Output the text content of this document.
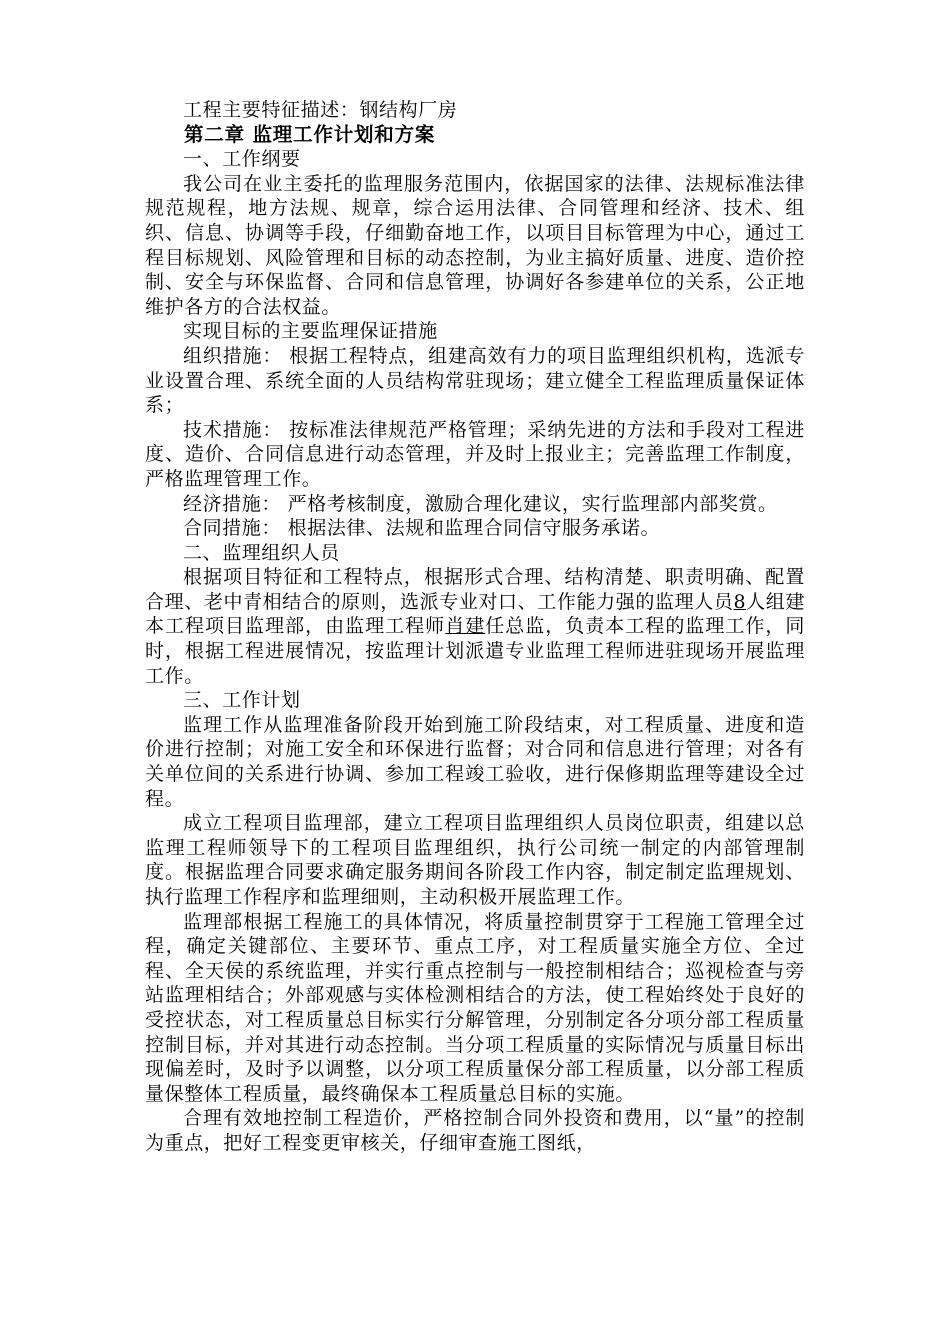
工程主要特征描述：钢结构厂房

第二章 监理工作计划和方案

一、工作纲要

我公司在业主委托的监理服务范围内，依据国家的法律、法规标准法律规范规程，地方法规、规章，综合运用法律、合同管理和经济、技术、组织、信息、协调等手段，仔细勤奋地工作，以项目目标管理为中心，通过工程目标规划、风险管理和目标的动态控制，为业主搞好质量、进度、造价控制、安全与环保监督、合同和信息管理，协调好各参建单位的关系，公正地维护各方的合法权益。

实现目标的主要监理保证措施

组织措施： 根据工程特点，组建高效有力的项目监理组织机构，选派专业设置合理、系统全面的人员结构常驻现场；建立健全工程监理质量保证体系；

技术措施： 按标准法律规范严格管理；采纳先进的方法和手段对工程进度、造价、合同信息进行动态管理，并及时上报业主；完善监理工作制度，严格监理管理工作。

经济措施： 严格考核制度，激励合理化建议，实行监理部内部奖赏。

合同措施： 根据法律、法规和监理合同信守服务承诺。

二、监理组织人员

根据项目特征和工程特点，根据形式合理、结构清楚、职责明确、配置合理、老中青相结合的原则，选派专业对口、工作能力强的监理人员8人组建本工程项目监理部，由监理工程师肖建任总监，负责本工程的监理工作，同时，根据工程进展情况，按监理计划派遣专业监理工程师进驻现场开展监理工作。

三、工作计划

监理工作从监理准备阶段开始到施工阶段结束，对工程质量、进度和造价进行控制；对施工安全和环保进行监督；对合同和信息进行管理；对各有关单位间的关系进行协调、参加工程竣工验收，进行保修期监理等建设全过程。

成立工程项目监理部，建立工程项目监理组织人员岗位职责，组建以总监理工程师领导下的工程项目监理组织，执行公司统一制定的内部管理制度。根据监理合同要求确定服务期间各阶段工作内容，制定制定监理规划、执行监理工作程序和监理细则，主动积极开展监理工作。

监理部根据工程施工的具体情况，将质量控制贯穿于工程施工管理全过程，确定关键部位、主要环节、重点工序，对工程质量实施全方位、全过程、全天侯的系统监理，并实行重点控制与一般控制相结合；巡视检查与旁站监理相结合；外部观感与实体检测相结合的方法，使工程始终处于良好的受控状态，对工程质量总目标实行分解管理，分别制定各分项分部工程质量控制目标，并对其进行动态控制。当分项工程质量的实际情况与质量目标出现偏差时，及时予以调整，以分项工程质量保分部工程质量，以分部工程质量保整体工程质量，最终确保本工程质量总目标的实施。

合理有效地控制工程造价，严格控制合同外投资和费用，以“量”的控制为重点，把好工程变更审核关，仔细审查施工图纸，
